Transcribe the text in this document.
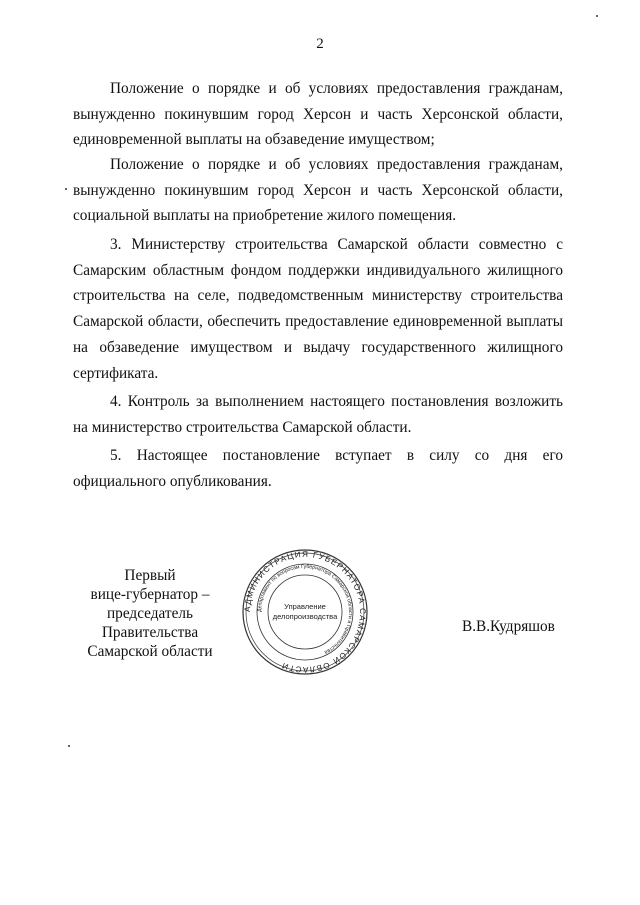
2

Положение о порядке и об условиях предоставления гражданам, вынужденно покинувшим город Херсон и часть Херсонской области, единовременной выплаты на обзаведение имуществом;

Положение о порядке и об условиях предоставления гражданам, вынужденно покинувшим город Херсон и часть Херсонской области, социальной выплаты на приобретение жилого помещения.

3. Министерству строительства Самарской области совместно с Самарским областным фондом поддержки индивидуального жилищного строительства на селе, подведомственным министерству строительства Самарской области, обеспечить предоставление единовременной выплаты на обзаведение имуществом и выдачу государственного жилищного сертификата.

4. Контроль за выполнением настоящего постановления возложить на министерство строительства Самарской области.

5. Настоящее постановление вступает в силу со дня его официального опубликования.

Первый
вице-губернатор –
председатель Правительства
Самарской области
АДМИНИСТРАЦИЯ ГУБЕРНАТОРА САМАРСКОЙ ОБЛАСТИ
Департамент по вопросам Губернатора Самарской области и Правительства
Управление
делопроизводства
В.В.Кудряшов
